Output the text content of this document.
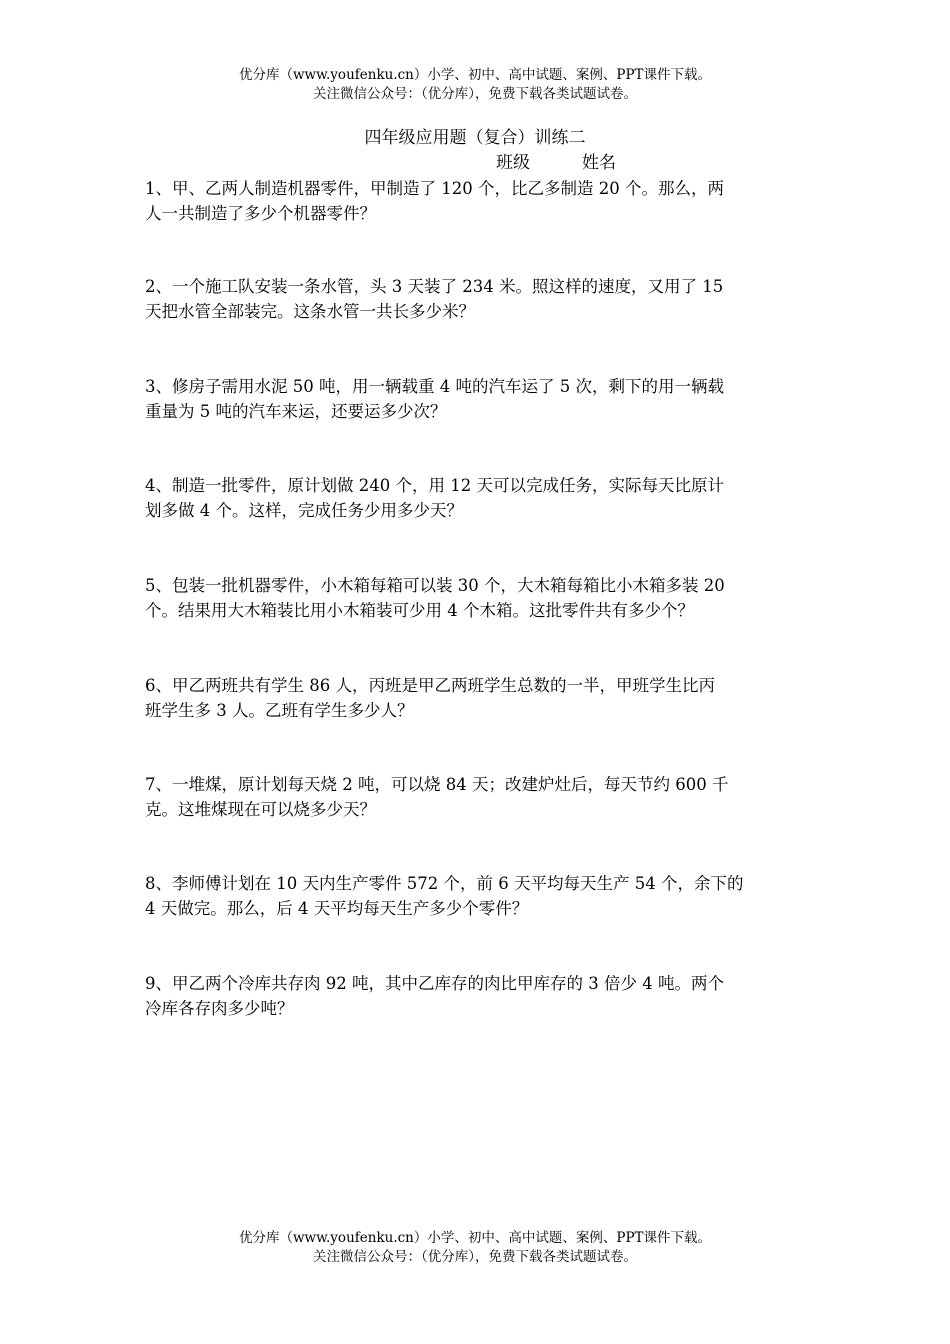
优分库（www.youfenku.cn）小学、初中、高中试题、案例、PPT课件下载。
关注微信公众号：（优分库），免费下载各类试题试卷。
四年级应用题（复合）训练二
班级	姓名
1、甲、乙两人制造机器零件，甲制造了 120 个，比乙多制造 20 个。那么，两
人一共制造了多少个机器零件？
2、一个施工队安装一条水管，头 3 天装了 234 米。照这样的速度，又用了 15
天把水管全部装完。这条水管一共长多少米？
3、修房子需用水泥 50 吨，用一辆载重 4 吨的汽车运了 5 次，剩下的用一辆载
重量为 5 吨的汽车来运，还要运多少次？
4、制造一批零件，原计划做 240 个，用 12 天可以完成任务，实际每天比原计
划多做 4 个。这样，完成任务少用多少天？
5、包装一批机器零件，小木箱每箱可以装 30 个，大木箱每箱比小木箱多装 20
个。结果用大木箱装比用小木箱装可少用 4 个木箱。这批零件共有多少个？
6、甲乙两班共有学生 86 人，丙班是甲乙两班学生总数的一半，甲班学生比丙
班学生多 3 人。乙班有学生多少人？
7、一堆煤，原计划每天烧 2 吨，可以烧 84 天；改建炉灶后，每天节约 600 千
克。这堆煤现在可以烧多少天？
8、李师傅计划在 10 天内生产零件 572 个，前 6 天平均每天生产 54 个，余下的
4 天做完。那么，后 4 天平均每天生产多少个零件？
9、甲乙两个冷库共存肉 92 吨，其中乙库存的肉比甲库存的 3 倍少 4 吨。两个
冷库各存肉多少吨？
优分库（www.youfenku.cn）小学、初中、高中试题、案例、PPT课件下载。
关注微信公众号：（优分库），免费下载各类试题试卷。
